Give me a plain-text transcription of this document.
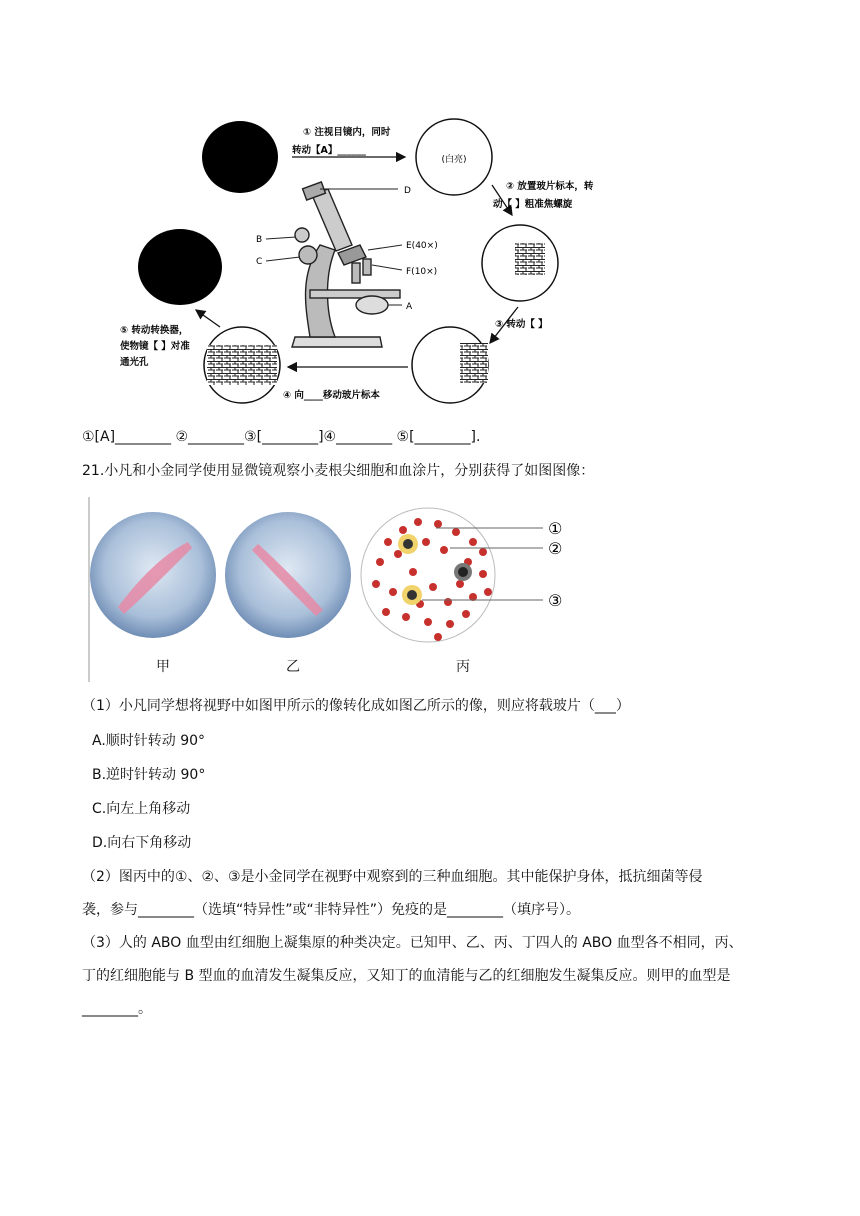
(白亮)
① 注视目镜内，同时
转动【A】______
② 放置玻片标本，转
动【 】粗准焦螺旋
③ 转动【 】
④ 向____移动玻片标本
⑤ 转动转换器，
使物镜【 】对准
通光孔
D
B
C
E(40×)
F(10×)
A
①[A]________ ②________③[________]④________ ⑤[________].
21.小凡和小金同学使用显微镜观察小麦根尖细胞和血涂片，分别获得了如图图像：
①
②
③
甲	乙	丙
（1）小凡同学想将视野中如图甲所示的像转化成如图乙所示的像，则应将载玻片（___）
A.顺时针转动 90°
B.逆时针转动 90°
C.向左上角移动
D.向右下角移动
（2）图丙中的①、②、③是小金同学在视野中观察到的三种血细胞。其中能保护身体，抵抗细菌等侵
袭，参与________（选填“特异性”或“非特异性”）免疫的是________（填序号）。
（3）人的 ABO 血型由红细胞上凝集原的种类决定。已知甲、乙、丙、丁四人的 ABO 血型各不相同，丙、
丁的红细胞能与 B 型血的血清发生凝集反应，又知丁的血清能与乙的红细胞发生凝集反应。则甲的血型是
________。
